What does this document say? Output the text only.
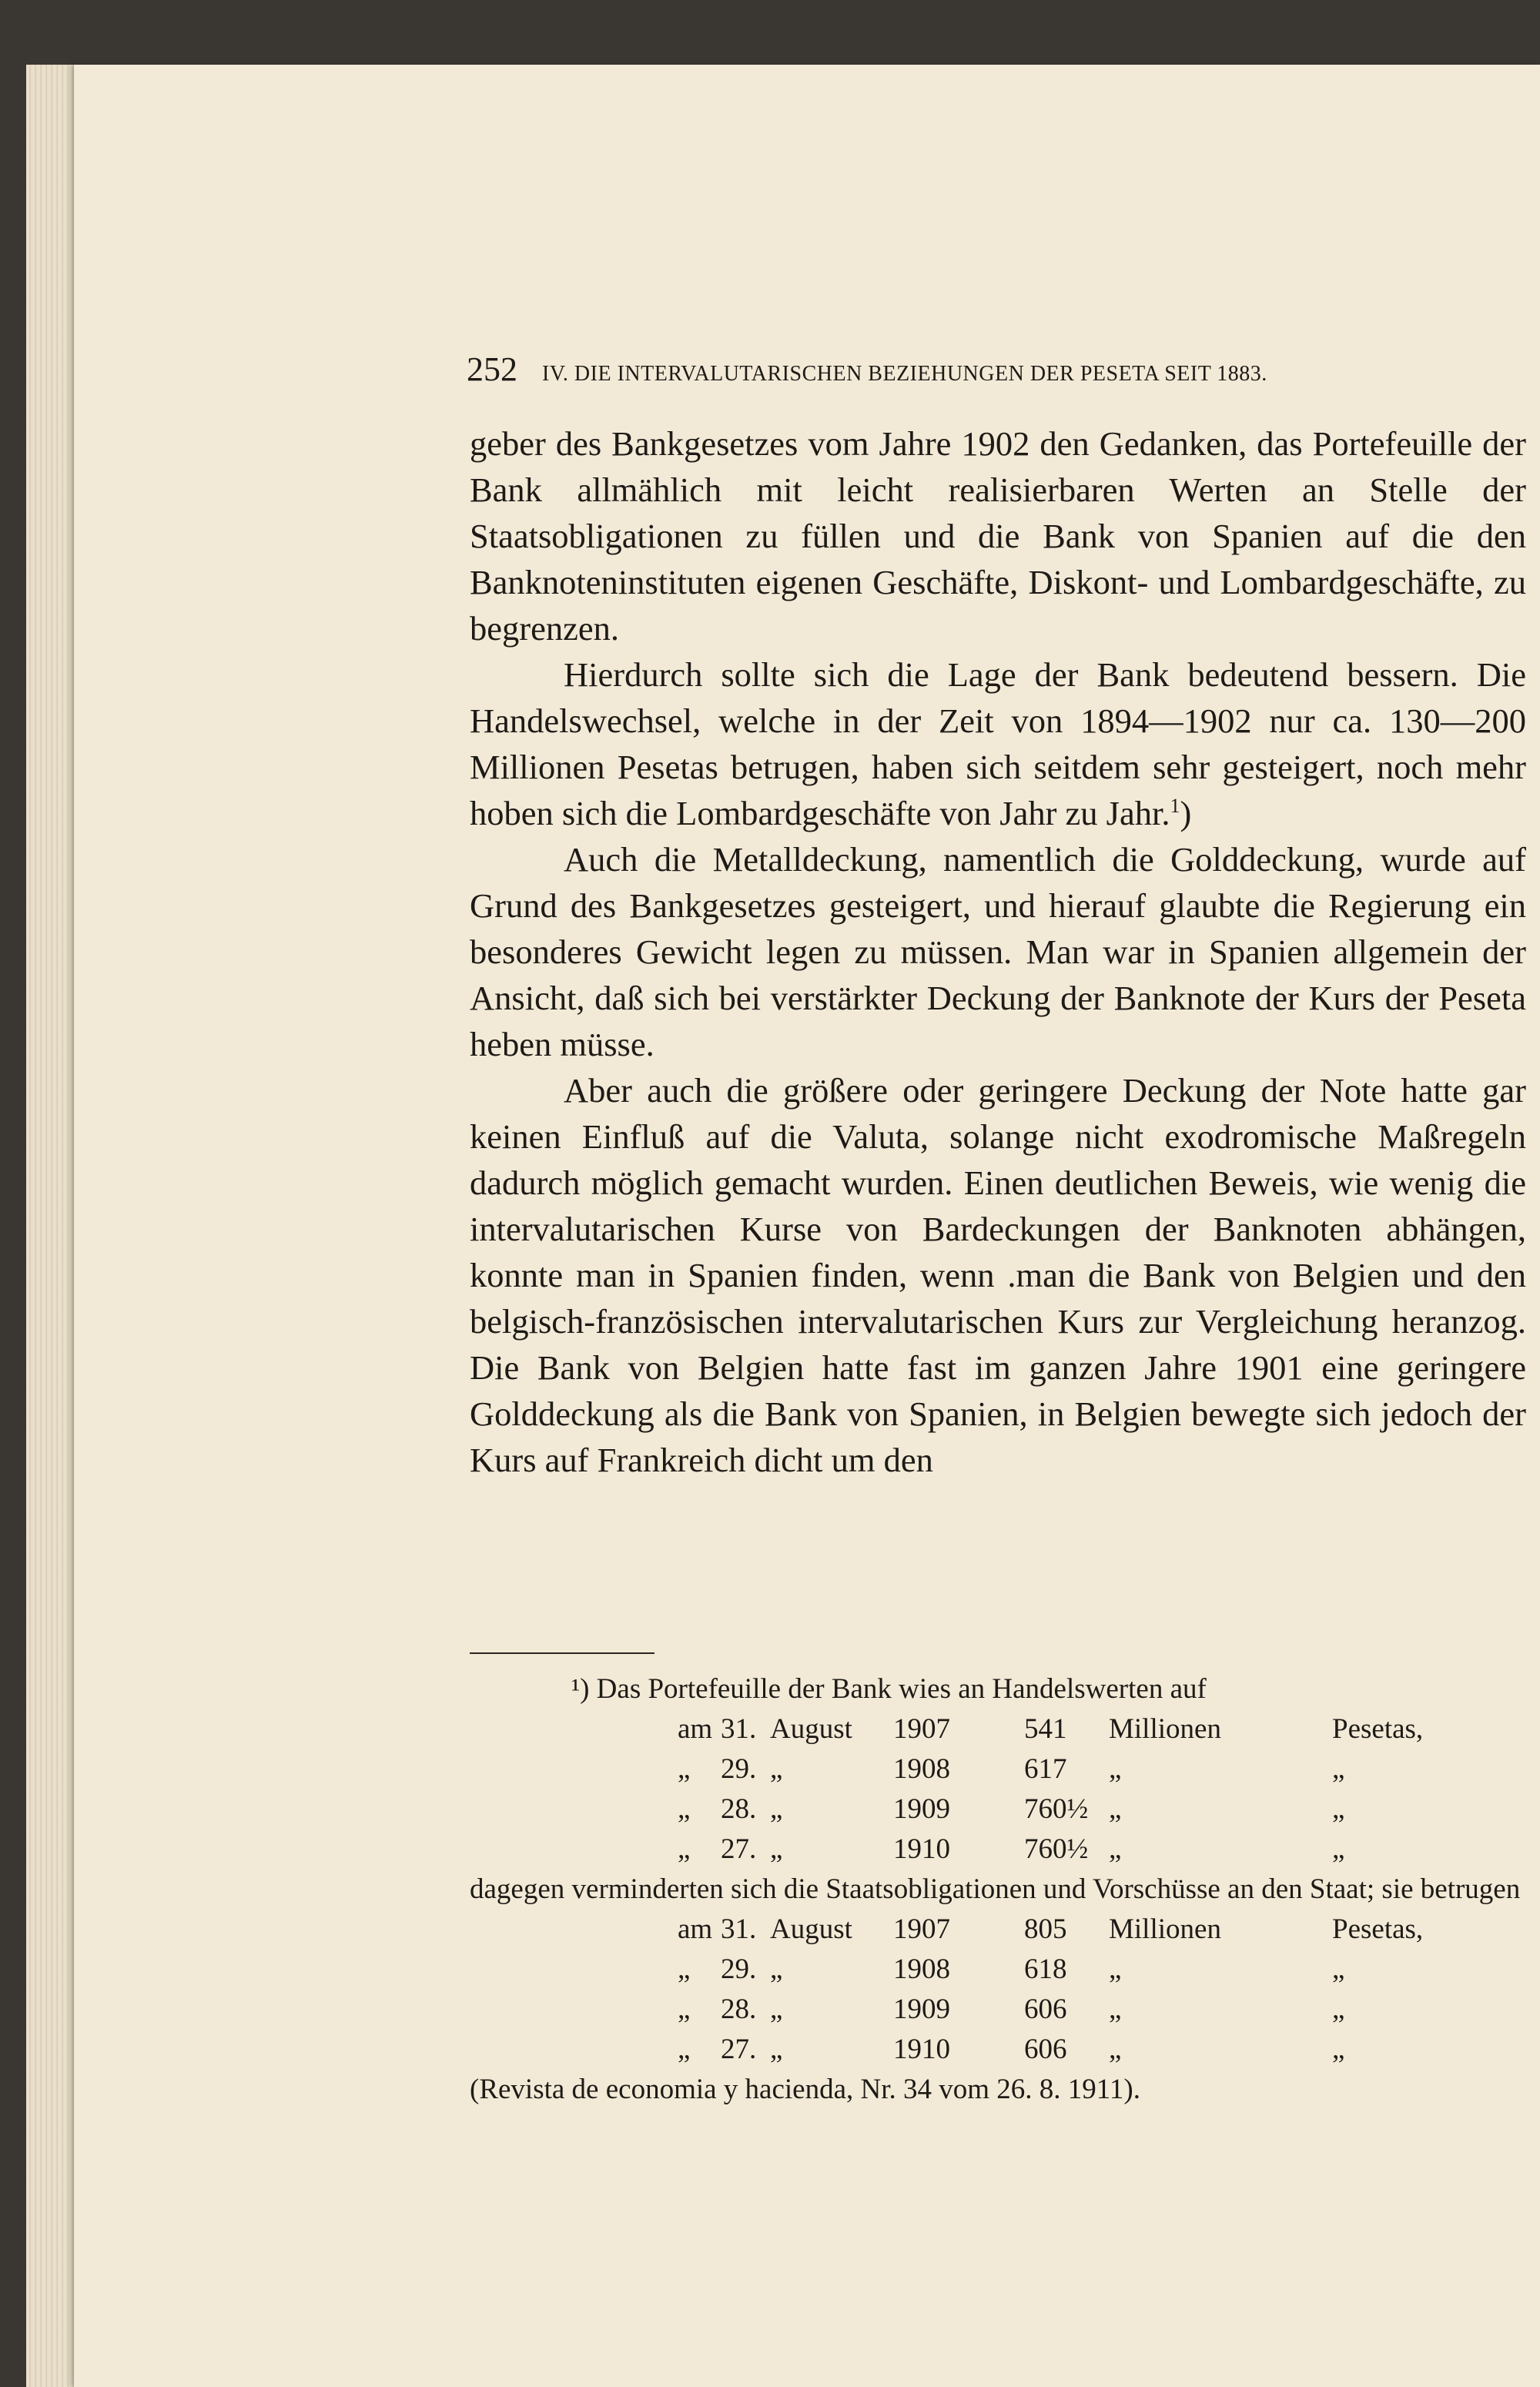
252 IV. DIE INTERVALUTARISCHEN BEZIEHUNGEN DER PESETA SEIT 1883.

geber des Bankgesetzes vom Jahre 1902 den Gedanken, das Portefeuille der Bank allmählich mit leicht realisierbaren Werten an Stelle der Staatsobligationen zu füllen und die Bank von Spanien auf die den Banknoteninstituten eigenen Geschäfte, Diskont- und Lombardgeschäfte, zu begrenzen.

Hierdurch sollte sich die Lage der Bank bedeutend bessern. Die Handelswechsel, welche in der Zeit von 1894—1902 nur ca. 130—200 Millionen Pesetas betrugen, haben sich seitdem sehr gesteigert, noch mehr hoben sich die Lombardgeschäfte von Jahr zu Jahr.$^1$)

Auch die Metalldeckung, namentlich die Golddeckung, wurde auf Grund des Bankgesetzes gesteigert, und hierauf glaubte die Regierung ein besonderes Gewicht legen zu müssen. Man war in Spanien allgemein der Ansicht, daß sich bei verstärkter Deckung der Banknote der Kurs der Peseta heben müsse.

Aber auch die größere oder geringere Deckung der Note hatte gar keinen Einfluß auf die Valuta, solange nicht exodromische Maßregeln dadurch möglich gemacht wurden. Einen deutlichen Beweis, wie wenig die intervalutarischen Kurse von Bardeckungen der Banknoten abhängen, konnte man in Spanien finden, wenn .man die Bank von Belgien und den belgisch-französischen intervalutarischen Kurs zur Vergleichung heranzog. Die Bank von Belgien hatte fast im ganzen Jahre 1901 eine geringere Golddeckung als die Bank von Spanien, in Belgien bewegte sich jedoch der Kurs auf Frankreich dicht um den

¹) Das Portefeuille der Bank wies an Handelswerten auf

am	31.	August	1907	541	Millionen	Pesetas,
„	29.	„	1908	617	„	„
„	28.	„	1909	760½	„	„
„	27.	„	1910	760½	„	„

dagegen verminderten sich die Staatsobligationen und Vorschüsse an den Staat; sie betrugen

am	31.	August	1907	805	Millionen	Pesetas,
„	29.	„	1908	618	„	„
„	28.	„	1909	606	„	„
„	27.	„	1910	606	„	„

(Revista de economia y hacienda, Nr. 34 vom 26. 8. 1911).
